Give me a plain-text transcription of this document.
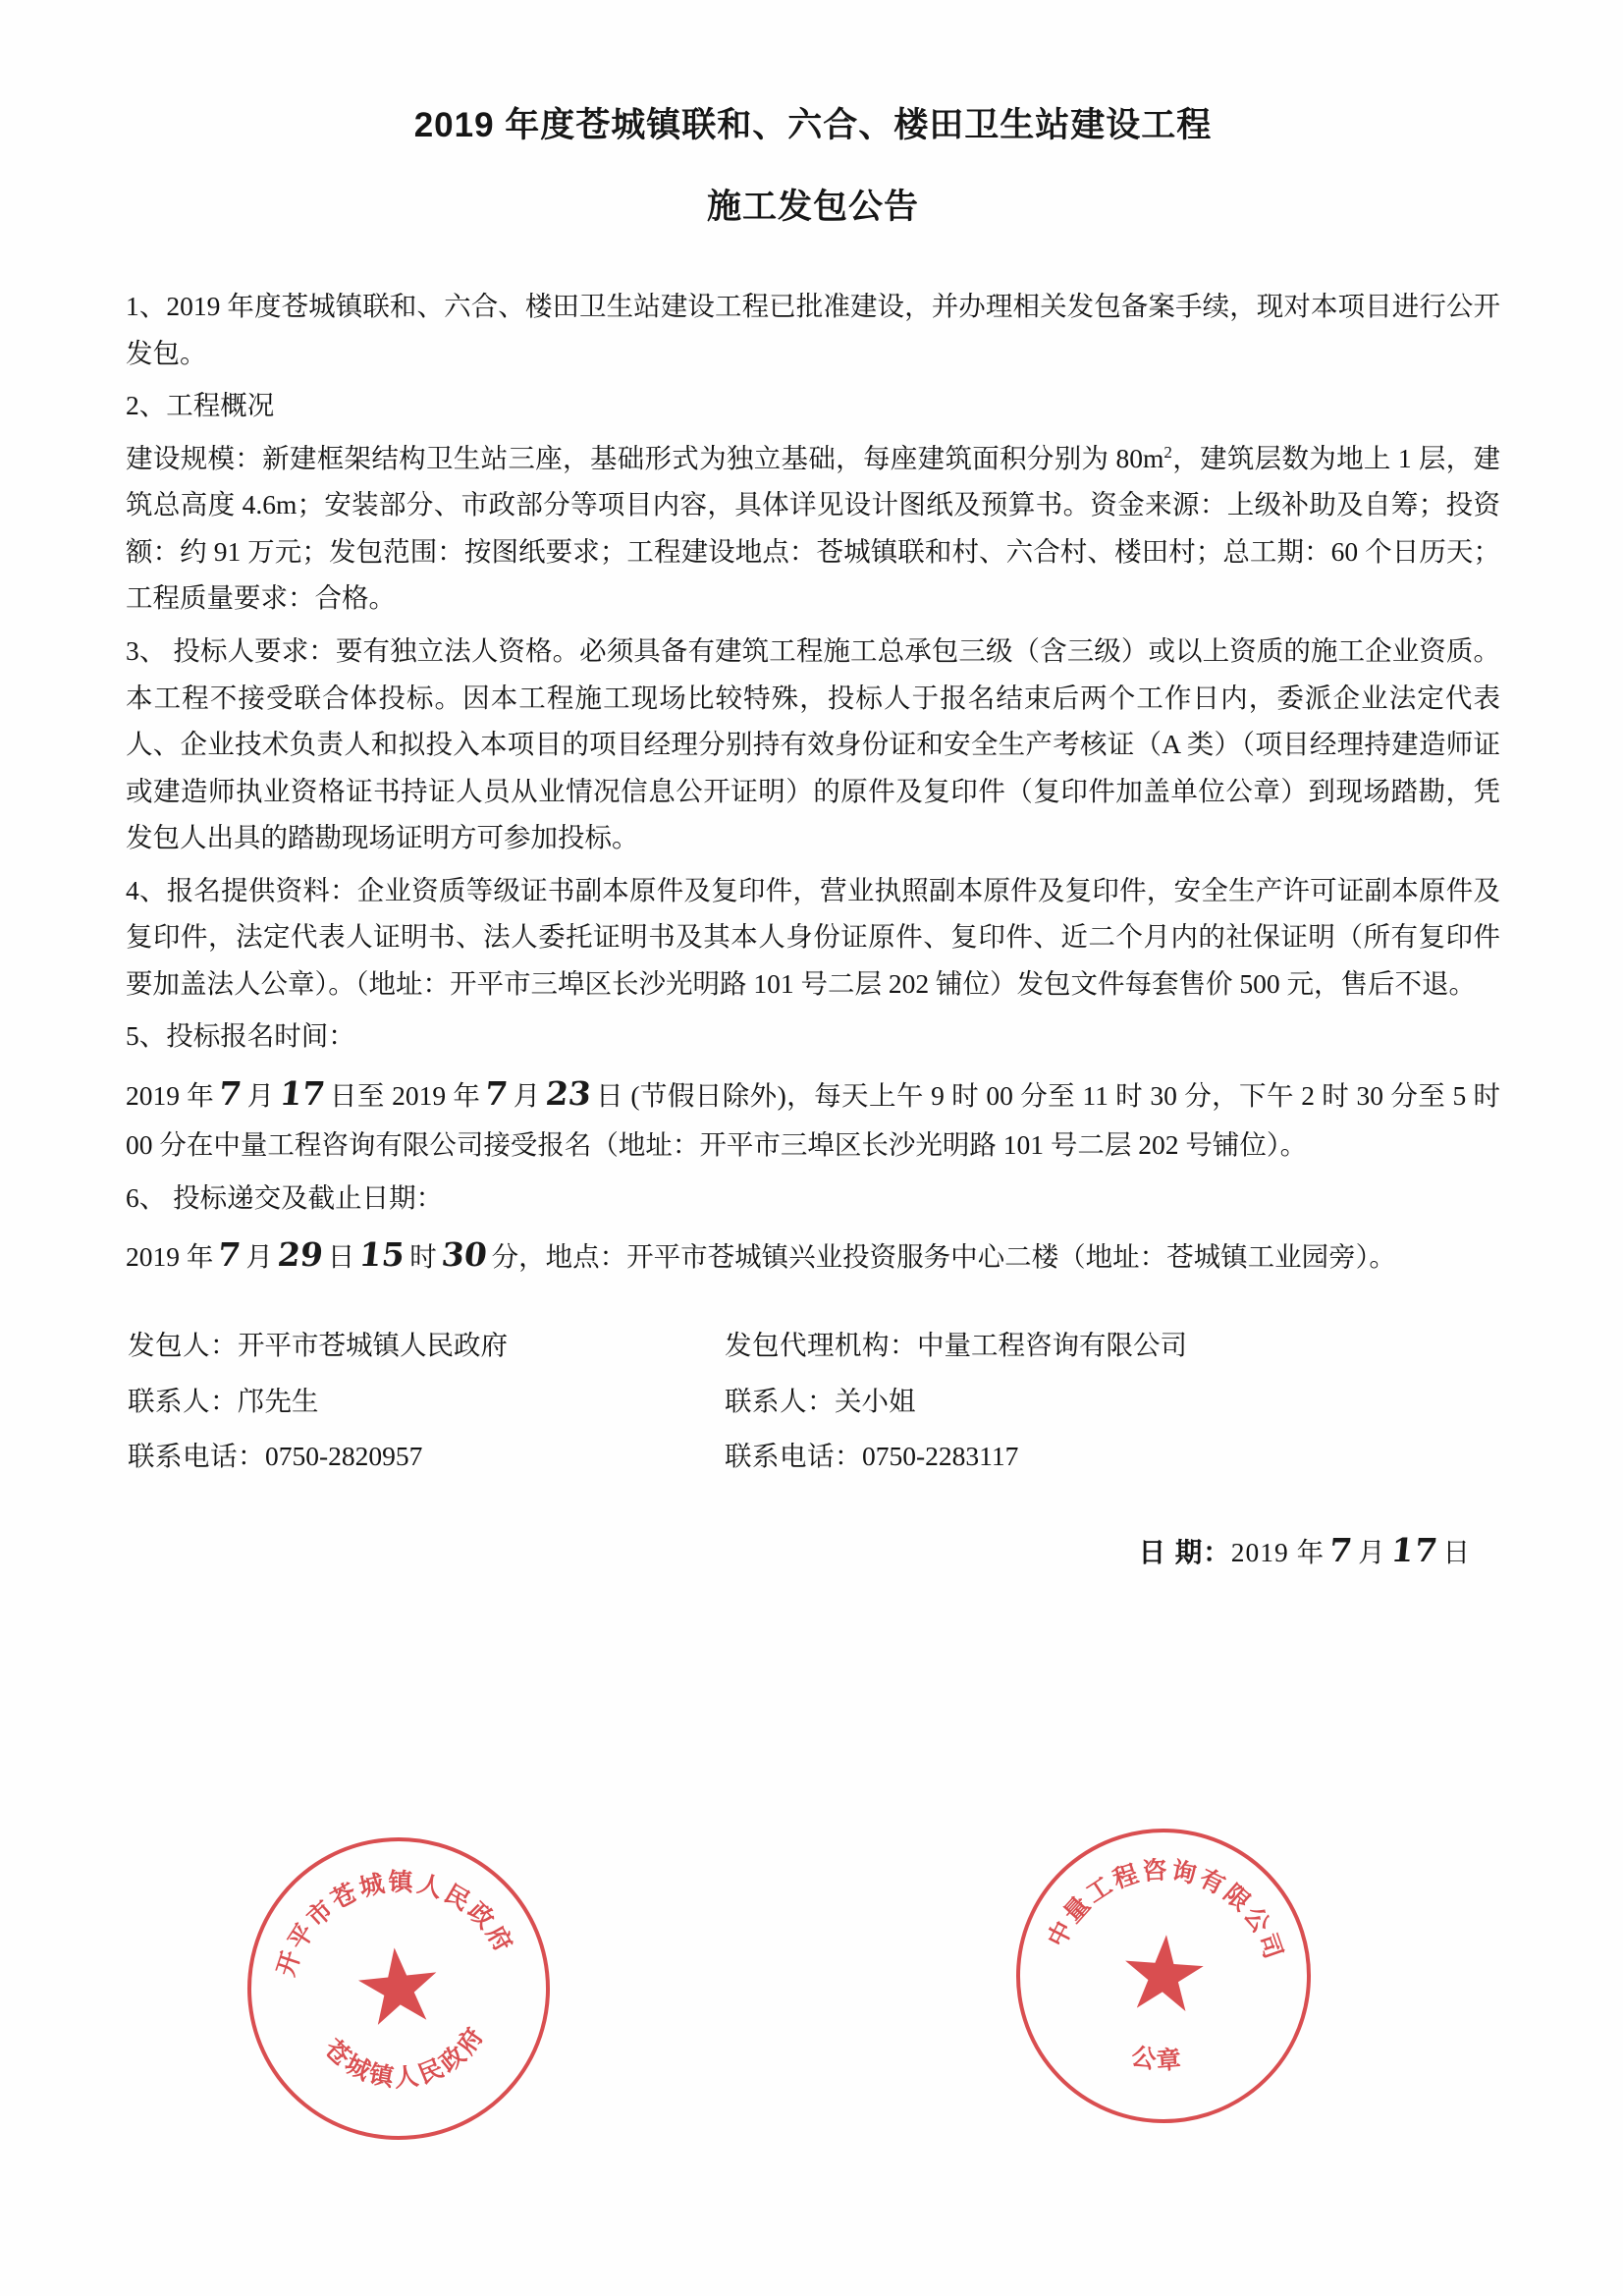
2019 年度苍城镇联和、六合、楼田卫生站建设工程
施工发包公告

1、2019 年度苍城镇联和、六合、楼田卫生站建设工程已批准建设，并办理相关发包备案手续，现对本项目进行公开发包。

2、工程概况

建设规模：新建框架结构卫生站三座，基础形式为独立基础，每座建筑面积分别为 $80m^2$，建筑层数为地上 1 层，建筑总高度 4.6m；安装部分、市政部分等项目内容，具体详见设计图纸及预算书。资金来源：上级补助及自筹；投资额：约 91 万元；发包范围：按图纸要求；工程建设地点：苍城镇联和村、六合村、楼田村；总工期：60 个日历天；工程质量要求：合格。

3、 投标人要求：要有独立法人资格。必须具备有建筑工程施工总承包三级（含三级）或以上资质的施工企业资质。本工程不接受联合体投标。因本工程施工现场比较特殊，投标人于报名结束后两个工作日内，委派企业法定代表人、企业技术负责人和拟投入本项目的项目经理分别持有效身份证和安全生产考核证（A 类）（项目经理持建造师证或建造师执业资格证书持证人员从业情况信息公开证明）的原件及复印件（复印件加盖单位公章）到现场踏勘，凭发包人出具的踏勘现场证明方可参加投标。

4、报名提供资料：企业资质等级证书副本原件及复印件，营业执照副本原件及复印件，安全生产许可证副本原件及复印件，法定代表人证明书、法人委托证明书及其本人身份证原件、复印件、近二个月内的社保证明（所有复印件要加盖法人公章）。（地址：开平市三埠区长沙光明路 101 号二层 202 铺位）发包文件每套售价 500 元，售后不退。

5、投标报名时间：

2019 年7 月17 日至 2019 年7 月23 日 (节假日除外)，每天上午 9 时 00 分至 11 时 30 分，下午 2 时 30 分至 5 时 00 分在中量工程咨询有限公司接受报名（地址：开平市三埠区长沙光明路 101 号二层 202 号铺位）。

6、 投标递交及截止日期：

2019 年7 月29 日15 时30 分，地点：开平市苍城镇兴业投资服务中心二楼（地址：苍城镇工业园旁）。

发包人：开平市苍城镇人民政府
联系人：邝先生
联系电话：0750-2820957
发包代理机构：中量工程咨询有限公司
联系人：关小姐
联系电话：0750-2283117
日 期：2019 年7 月17 日
开平市苍城镇人民政府
苍城镇人民政府
★
中量工程咨询有限公司
公章
★
